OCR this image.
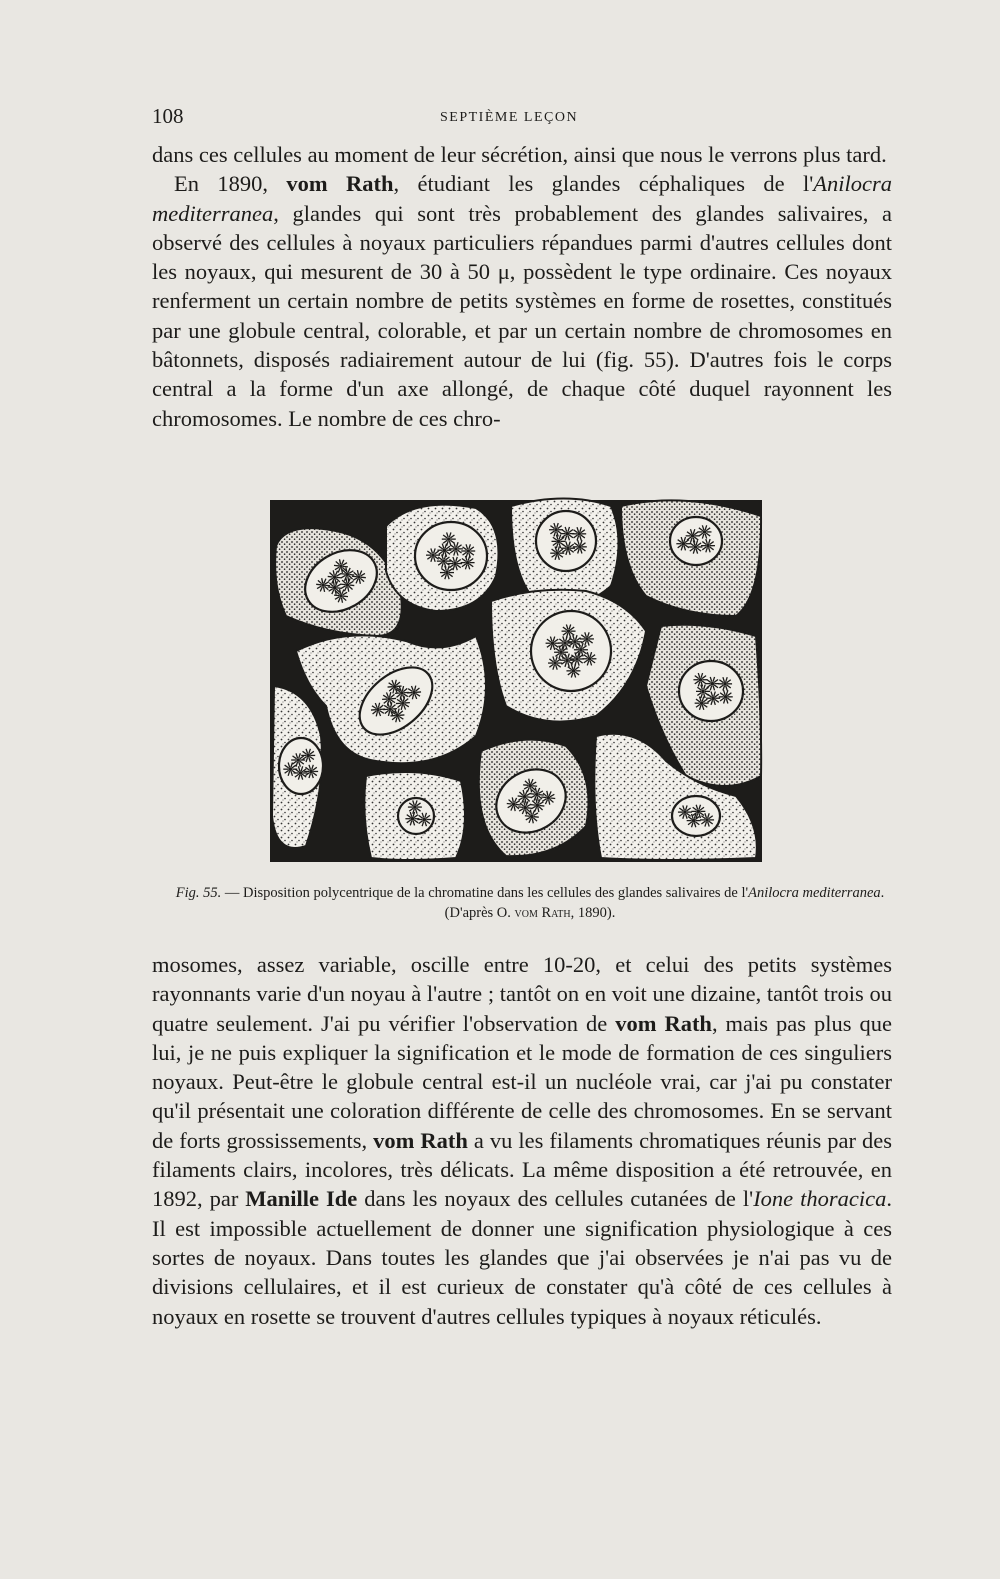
108	SEPTIÈME LEÇON

dans ces cellules au moment de leur sécrétion, ainsi que nous le verrons plus tard.

En 1890, vom Rath, étudiant les glandes céphaliques de l'Anilocra mediterranea, glandes qui sont très probablement des glandes salivaires, a observé des cellules à noyaux particuliers répandues parmi d'autres cellules dont les noyaux, qui mesurent de 30 à 50 μ, possèdent le type ordinaire. Ces noyaux renferment un certain nombre de petits systèmes en forme de rosettes, constitués par une globule central, colorable, et par un certain nombre de chromosomes en bâtonnets, disposés radiairement autour de lui (fig. 55). D'autres fois le corps central a la forme d'un axe allongé, de chaque côté duquel rayonnent les chromosomes. Le nombre de ces chro-

Fig. 55. — Disposition polycentrique de la chromatine dans les cellules des glandes salivaires de l'Anilocra mediterranea. (D'après O. vom Rath, 1890).

mosomes, assez variable, oscille entre 10-20, et celui des petits systèmes rayonnants varie d'un noyau à l'autre ; tantôt on en voit une dizaine, tantôt trois ou quatre seulement. J'ai pu vérifier l'observation de vom Rath, mais pas plus que lui, je ne puis expliquer la signification et le mode de formation de ces singuliers noyaux. Peut-être le globule central est-il un nucléole vrai, car j'ai pu constater qu'il présentait une coloration différente de celle des chromosomes. En se servant de forts grossissements, vom Rath a vu les filaments chromatiques réunis par des filaments clairs, incolores, très délicats. La même disposition a été retrouvée, en 1892, par Manille Ide dans les noyaux des cellules cutanées de l'Ione thoracica. Il est impossible actuellement de donner une signification physiologique à ces sortes de noyaux. Dans toutes les glandes que j'ai observées je n'ai pas vu de divisions cellulaires, et il est curieux de constater qu'à côté de ces cellules à noyaux en rosette se trouvent d'autres cellules typiques à noyaux réticulés.
